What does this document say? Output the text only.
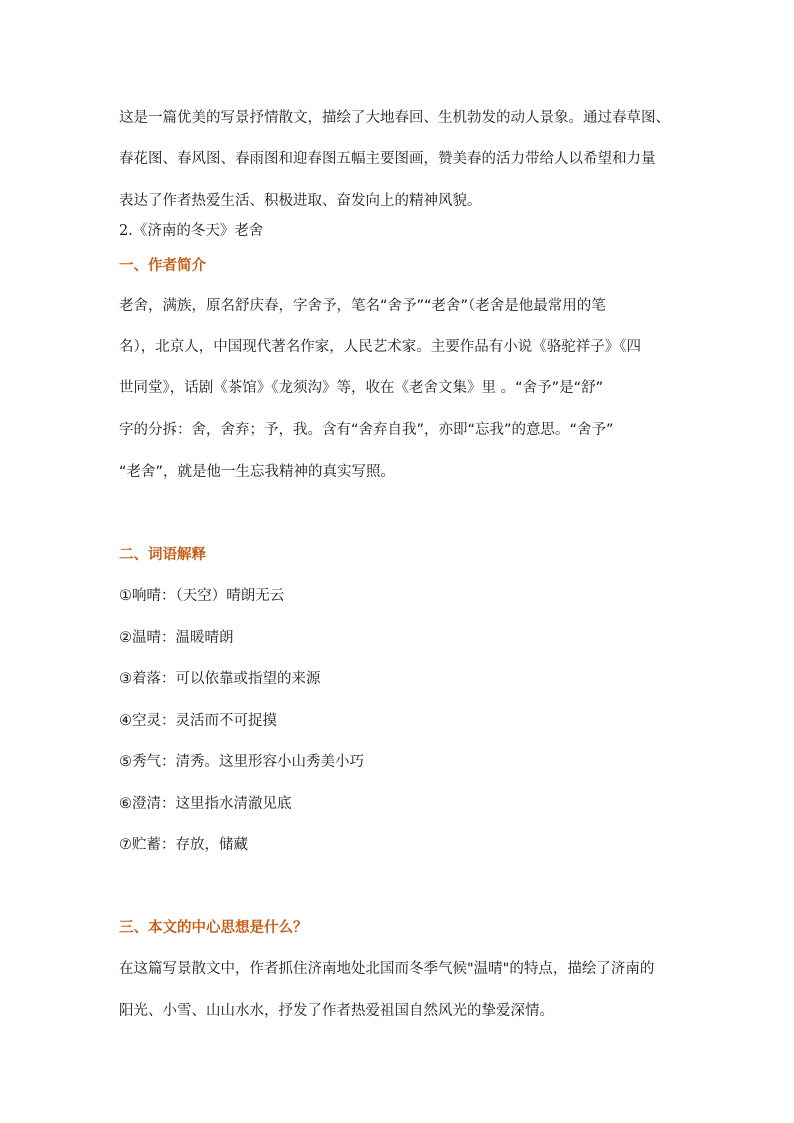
这是一篇优美的写景抒情散文，描绘了大地春回、生机勃发的动人景象。通过春草图、
春花图、春风图、春雨图和迎春图五幅主要图画，赞美春的活力带给人以希望和力量
表达了作者热爱生活、积极进取、奋发向上的精神风貌。
2.《济南的冬天》老舍
一、作者简介
老舍，满族，原名舒庆春，字舍予，笔名“舍予”“老舍”（老舍是他最常用的笔
名），北京人，中国现代著名作家，人民艺术家。主要作品有小说《骆驼祥子》《四
世同堂》，话剧《茶馆》《龙须沟》等，收在《老舍文集》里 。“舍予”是“舒”
字的分拆：舍，舍弃；予，我。含有“舍弃自我”，亦即“忘我”的意思。“舍予”
“老舍”，就是他一生忘我精神的真实写照。
二、词语解释
①响晴：（天空）晴朗无云
②温晴：温暖晴朗
③着落：可以依靠或指望的来源
④空灵：灵活而不可捉摸
⑤秀气：清秀。这里形容小山秀美小巧
⑥澄清：这里指水清澈见底
⑦贮蓄：存放，储藏
三、本文的中心思想是什么？
在这篇写景散文中，作者抓住济南地处北国而冬季气候"温晴"的特点，描绘了济南的
阳光、小雪、山山水水，抒发了作者热爱祖国自然风光的挚爱深情。
